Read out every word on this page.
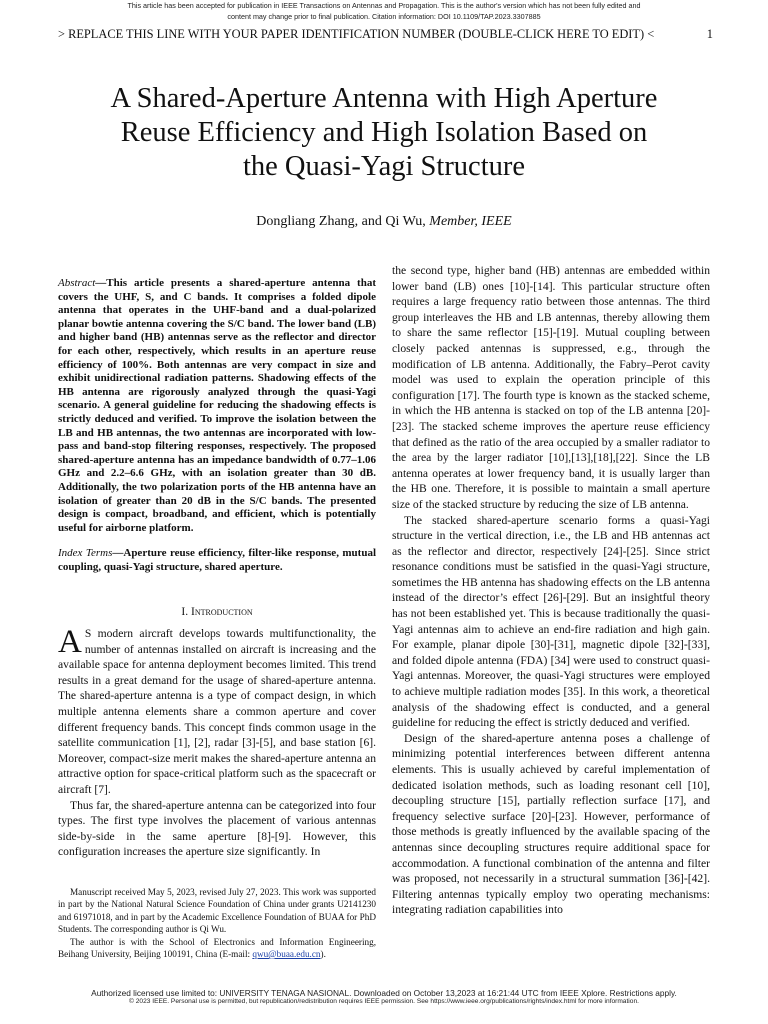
This article has been accepted for publication in IEEE Transactions on Antennas and Propagation. This is the author's version which has not been fully edited and
content may change prior to final publication. Citation information: DOI 10.1109/TAP.2023.3307885
> REPLACE THIS LINE WITH YOUR PAPER IDENTIFICATION NUMBER (DOUBLE-CLICK HERE TO EDIT) <	1
A Shared-Aperture Antenna with High Aperture
Reuse Efficiency and High Isolation Based on
the Quasi-Yagi Structure
Dongliang Zhang, and Qi Wu, Member, IEEE
Abstract—This article presents a shared-aperture antenna that covers the UHF, S, and C bands. It comprises a folded dipole antenna that operates in the UHF-band and a dual-polarized planar bowtie antenna covering the S/C band. The lower band (LB) and higher band (HB) antennas serve as the reflector and director for each other, respectively, which results in an aperture reuse efficiency of 100%. Both antennas are very compact in size and exhibit unidirectional radiation patterns. Shadowing effects of the HB antenna are rigorously analyzed through the quasi-Yagi scenario. A general guideline for reducing the shadowing effects is strictly deduced and verified. To improve the isolation between the LB and HB antennas, the two antennas are incorporated with low-pass and band-stop filtering responses, respectively. The proposed shared-aperture antenna has an impedance bandwidth of 0.77–1.06 GHz and 2.2–6.6 GHz, with an isolation greater than 30 dB. Additionally, the two polarization ports of the HB antenna have an isolation of greater than 20 dB in the S/C bands. The presented design is compact, broadband, and efficient, which is potentially useful for airborne platform.
Index Terms—Aperture reuse efficiency, filter-like response, mutual coupling, quasi-Yagi structure, shared aperture.
I. Introduction

A S modern aircraft develops towards multifunctionality, the number of antennas installed on aircraft is increasing and the available space for antenna deployment becomes limited. This trend results in a great demand for the usage of shared-aperture antenna. The shared-aperture antenna is a type of compact design, in which multiple antenna elements share a common aperture and cover different frequency bands. This concept finds common usage in the satellite communication [1], [2], radar [3]-[5], and base station [6]. Moreover, compact-size merit makes the shared-aperture antenna an attractive option for space-critical platform such as the spacecraft or aircraft [7].

Thus far, the shared-aperture antenna can be categorized into four types. The first type involves the placement of various antennas side-by-side in the same aperture [8]-[9]. However, this configuration increases the aperture size significantly. In

the second type, higher band (HB) antennas are embedded within lower band (LB) ones [10]-[14]. This particular structure often requires a large frequency ratio between those antennas. The third group interleaves the HB and LB antennas, thereby allowing them to share the same reflector [15]-[19]. Mutual coupling between closely packed antennas is suppressed, e.g., through the modification of LB antenna. Additionally, the Fabry–Perot cavity model was used to explain the operation principle of this configuration [17]. The fourth type is known as the stacked scheme, in which the HB antenna is stacked on top of the LB antenna [20]-[23]. The stacked scheme improves the aperture reuse efficiency that defined as the ratio of the area occupied by a smaller radiator to the area by the larger radiator [10],[13],[18],[22]. Since the LB antenna operates at lower frequency band, it is usually larger than the HB one. Therefore, it is possible to maintain a small aperture size of the stacked structure by reducing the size of LB antenna.

The stacked shared-aperture scenario forms a quasi-Yagi structure in the vertical direction, i.e., the LB and HB antennas act as the reflector and director, respectively [24]-[25]. Since strict resonance conditions must be satisfied in the quasi-Yagi structure, sometimes the HB antenna has shadowing effects on the LB antenna instead of the director’s effect [26]-[29]. But an insightful theory has not been established yet. This is because traditionally the quasi-Yagi antennas aim to achieve an end-fire radiation and high gain. For example, planar dipole [30]-[31], magnetic dipole [32]-[33], and folded dipole antenna (FDA) [34] were used to construct quasi-Yagi antennas. Moreover, the quasi-Yagi structures were employed to achieve multiple radiation modes [35]. In this work, a theoretical analysis of the shadowing effect is conducted, and a general guideline for reducing the effect is strictly deduced and verified.

Design of the shared-aperture antenna poses a challenge of minimizing potential interferences between different antenna elements. This is usually achieved by careful implementation of dedicated isolation methods, such as loading resonant cell [10], decoupling structure [15], partially reflection surface [17], and frequency selective surface [20]-[23]. However, performance of those methods is greatly influenced by the available spacing of the antennas since decoupling structures require additional space for accommodation. A functional combination of the antenna and filter was proposed, not necessarily in a structural summation [36]-[42]. Filtering antennas typically employ two operating mechanisms: integrating radiation capabilities into

Manuscript received May 5, 2023, revised July 27, 2023. This work was supported in part by the National Natural Science Foundation of China under grants U2141230 and 61971018, and in part by the Academic Excellence Foundation of BUAA for PhD Students. The corresponding author is Qi Wu.

The author is with the School of Electronics and Information Engineering, Beihang University, Beijing 100191, China (E-mail: qwu@buaa.edu.cn).

Authorized licensed use limited to: UNIVERSITY TENAGA NASIONAL. Downloaded on October 13,2023 at 16:21:44 UTC from IEEE Xplore. Restrictions apply.
© 2023 IEEE. Personal use is permitted, but republication/redistribution requires IEEE permission. See https://www.ieee.org/publications/rights/index.html for more information.
